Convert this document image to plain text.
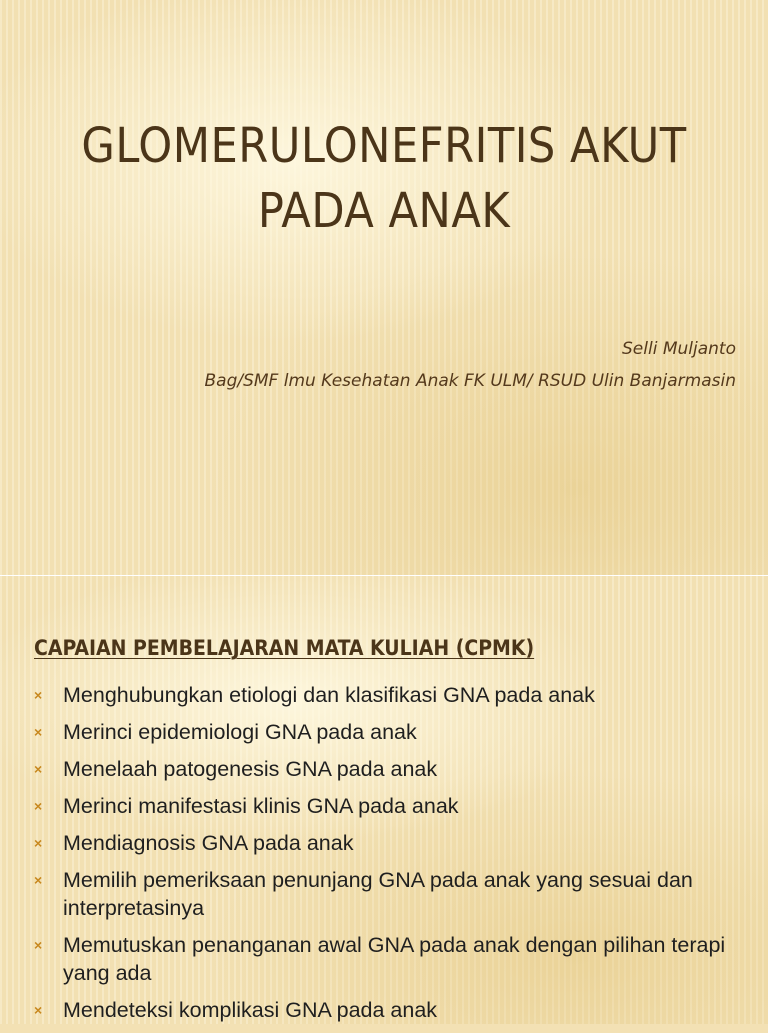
GLOMERULONEFRITIS AKUT
PADA ANAK
Selli Muljanto
Bag/SMF lmu Kesehatan Anak FK ULM/ RSUD Ulin Banjarmasin
CAPAIAN PEMBELAJARAN MATA KULIAH (CPMK)
× Menghubungkan etiologi dan klasifikasi GNA pada anak
× Merinci epidemiologi GNA pada anak
× Menelaah patogenesis GNA pada anak
× Merinci manifestasi klinis GNA pada anak
× Mendiagnosis GNA pada anak
× Memilih pemeriksaan penunjang GNA pada anak yang sesuai dan interpretasinya
× Memutuskan penanganan awal GNA pada anak dengan pilihan terapi yang ada
× Mendeteksi komplikasi GNA pada anak
